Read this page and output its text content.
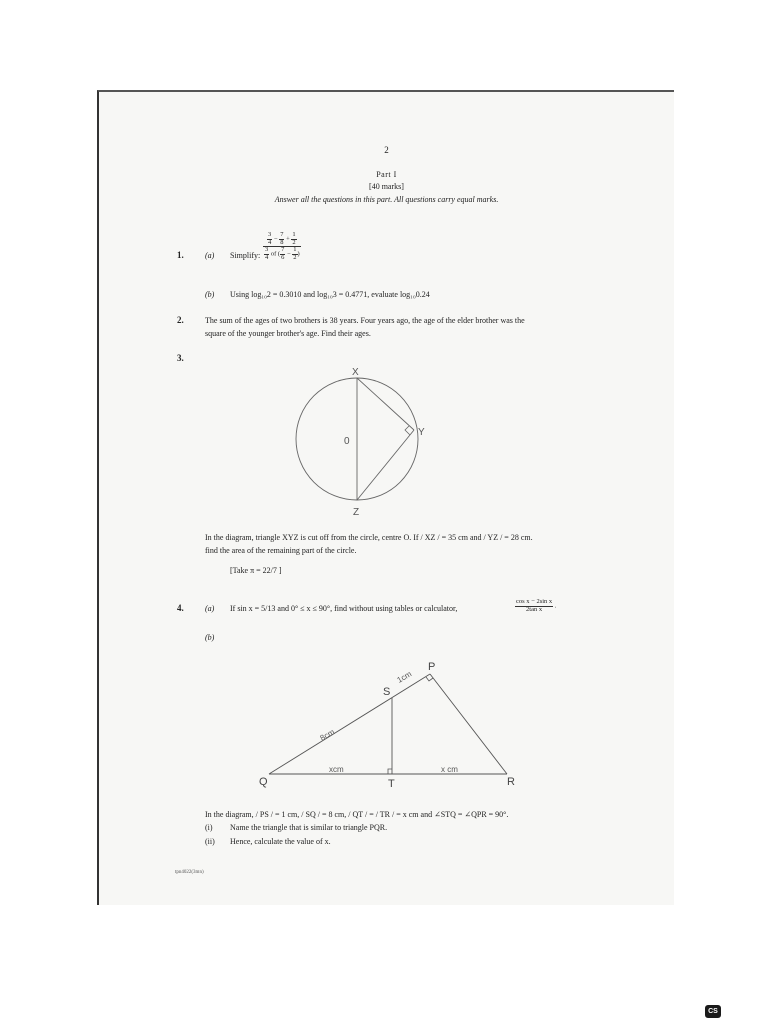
2
Part I
[40 marks]
Answer all the questions in this part. All questions carry equal marks.
1.	(a) Simplify: $\frac{\frac{3}{4} - \frac{7}{8} + \frac{1}{2}}{\frac{3}{4} of ( \frac{7}{6} - \frac{1}{2} )}$
(b) Using log₁₀2 = 0.3010 and log₁₀3 = 0.4771, evaluate log₁₀0.24
2.	The sum of the ages of two brothers is 38 years. Four years ago, the age of the elder brother was the
square of the younger brother's age. Find their ages.
3.
X
Y
Z
0
In the diagram, triangle XYZ is cut off from the circle, centre O. If / XZ / = 35 cm and / YZ / = 28 cm.
find the area of the remaining part of the circle.
[Take π = 22/7 ]
4.	(a) If sin x = 5/13 and 0° ≤ x ≤ 90°, find without using tables or calculator,	$\frac{\text{cos x − 2sin x}}{\text{2tan x}}$ .
(b)
P
S
Q	T	R
1cm
8cm
xcm	x cm
In the diagram, / PS / = 1 cm, / SQ / = 8 cm, / QT / = / TR / = x cm and ∠STQ = ∠QPR = 90°.
(i) Name the triangle that is similar to triangle PQR.
(ii) Hence, calculate the value of x.
tpn4022(3mn)
CS
